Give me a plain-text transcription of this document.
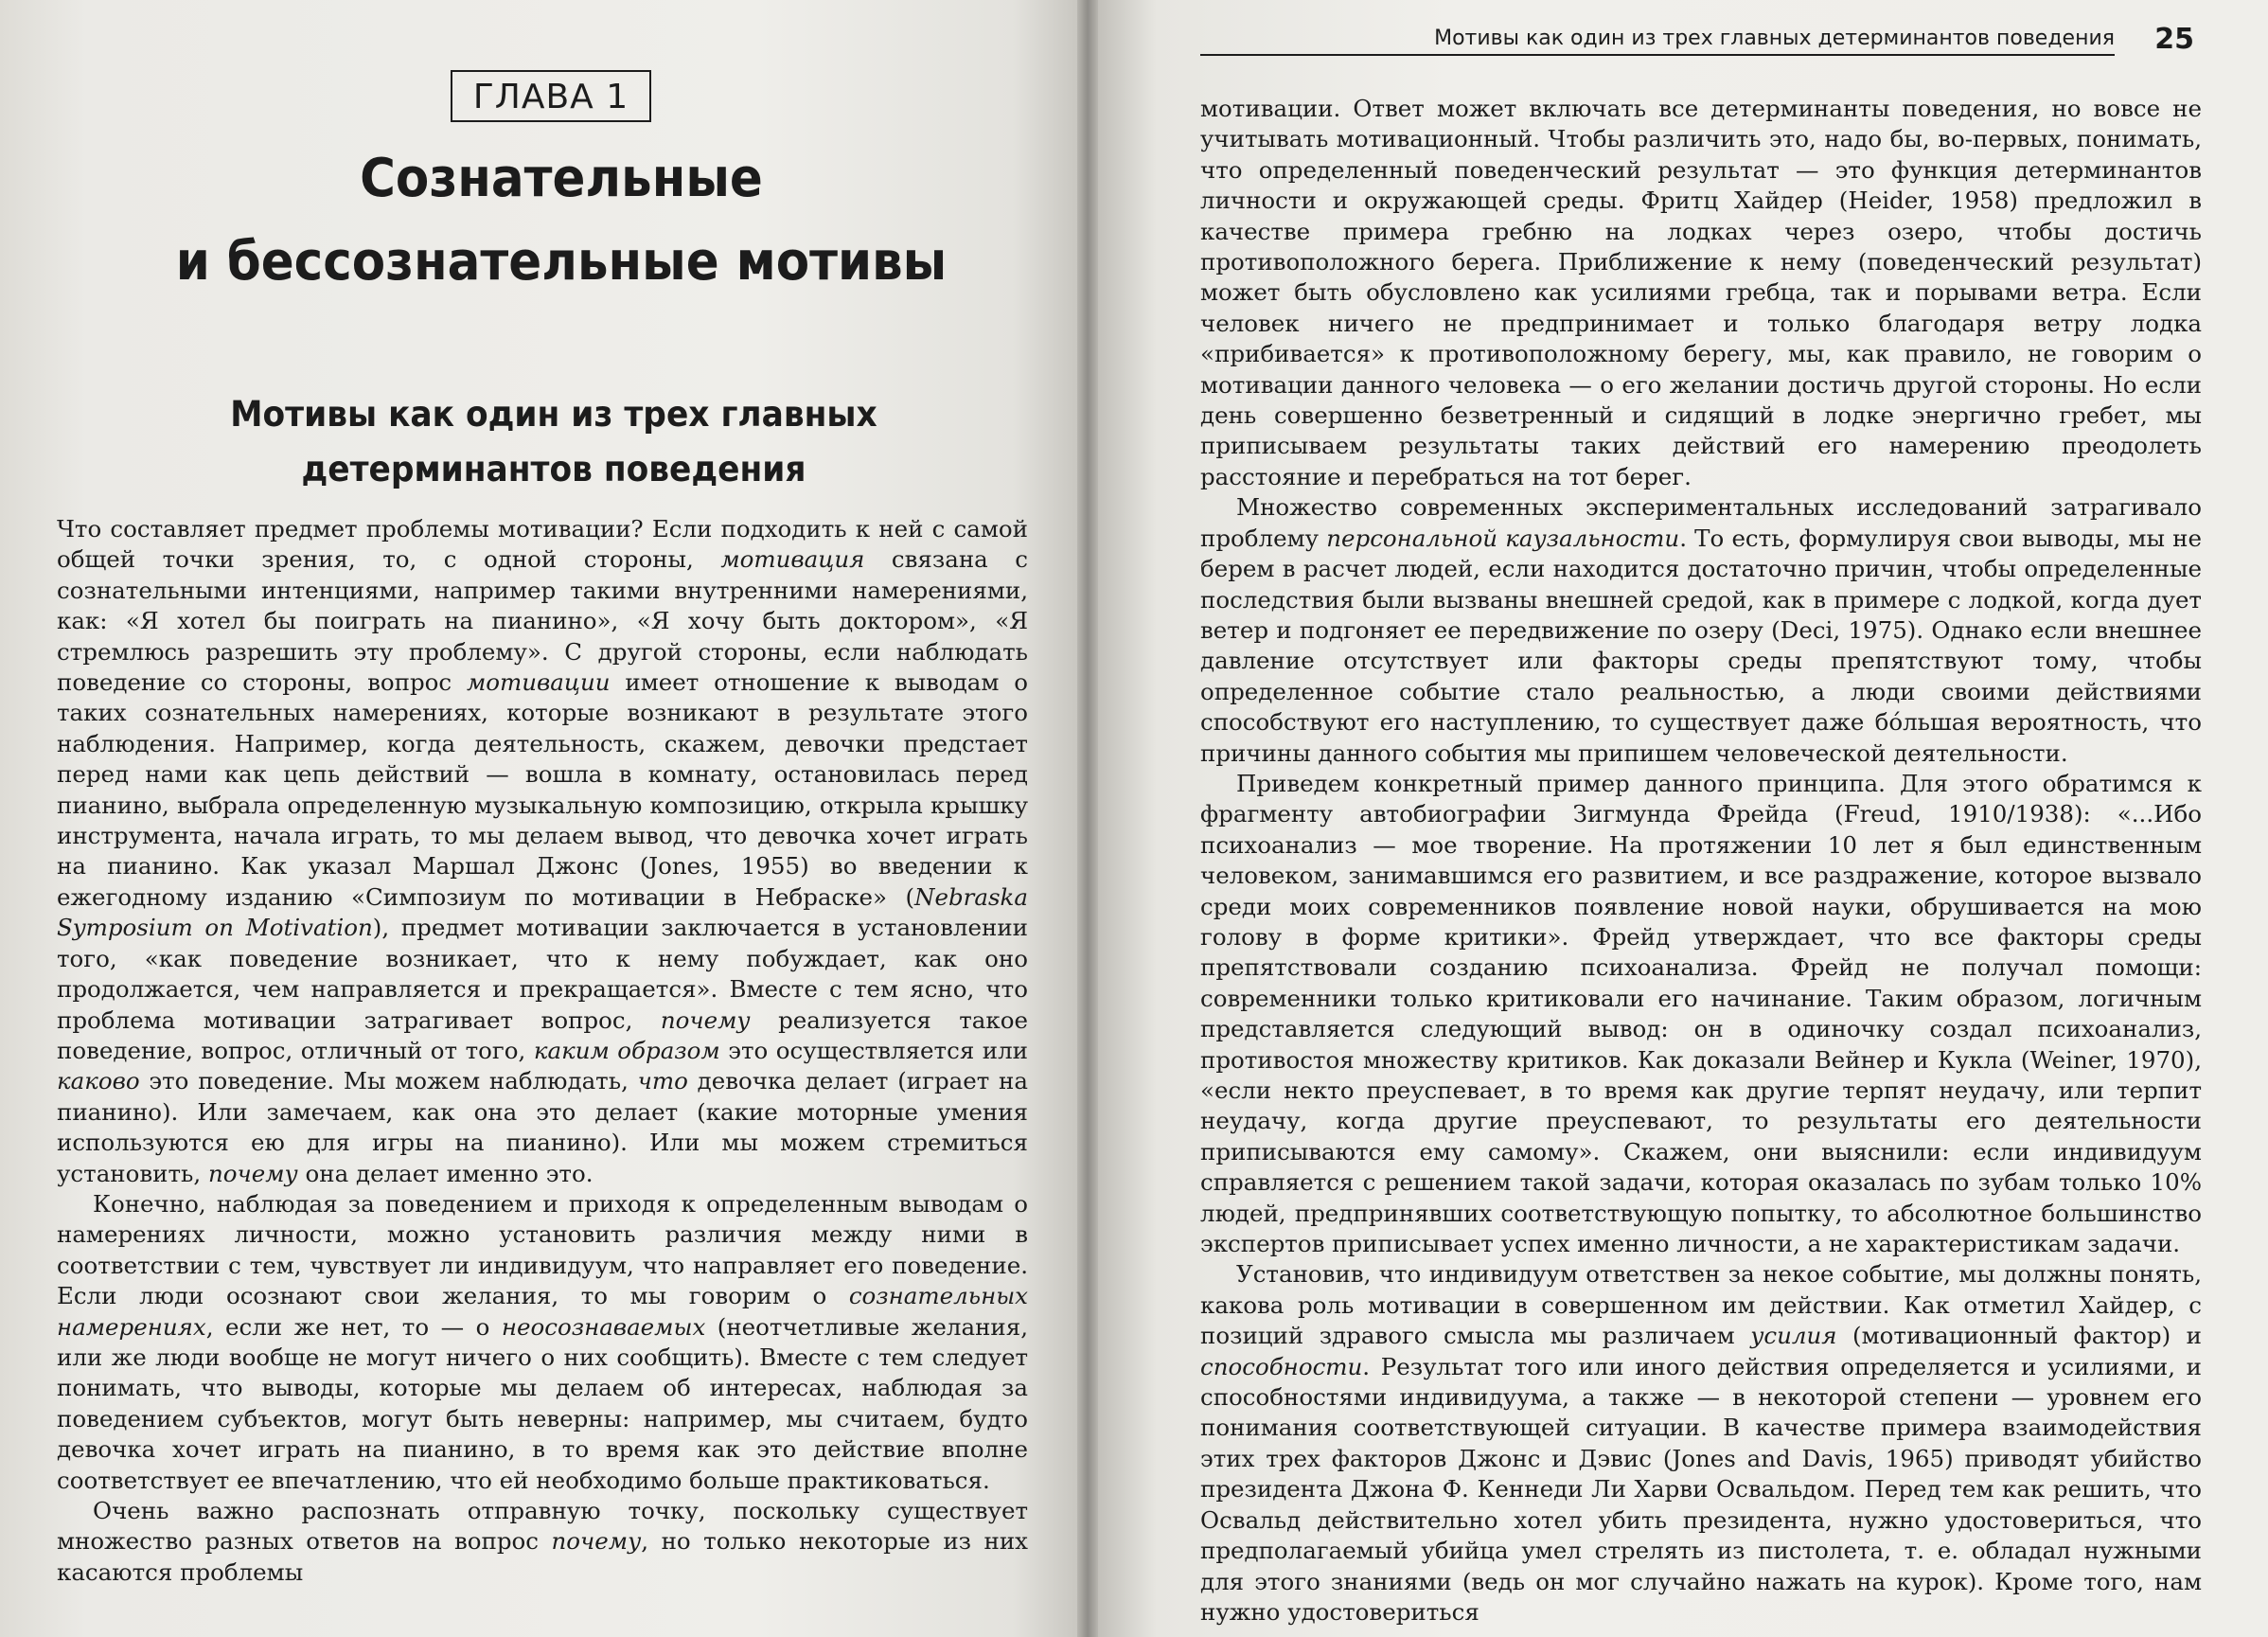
ГЛАВА 1
Сознательные
и бессознательные мотивы
Мотивы как один из трех главных
детерминантов поведения

Что составляет предмет проблемы мотивации? Если подходить к ней с самой общей точки зрения, то, с одной стороны, мотивация связана с сознательными интенциями, например такими внутренними намерениями, как: «Я хотел бы поиграть на пианино», «Я хочу быть доктором», «Я стремлюсь разрешить эту проблему». С другой стороны, если наблюдать поведение со стороны, вопрос мотивации имеет отношение к выводам о таких сознательных намерениях, которые возникают в результате этого наблюдения. Например, когда деятельность, скажем, девочки предстает перед нами как цепь действий — вошла в комнату, остановилась перед пианино, выбрала определенную музыкальную композицию, открыла крышку инструмента, начала играть, то мы делаем вывод, что девочка хочет играть на пианино. Как указал Маршал Джонс (Jones, 1955) во введении к ежегодному изданию «Симпозиум по мотивации в Небраске» (Nebraska Symposium on Motivation), предмет мотивации заключается в установлении того, «как поведение возникает, что к нему побуждает, как оно продолжается, чем направляется и прекращается». Вместе с тем ясно, что проблема мотивации затрагивает вопрос, почему реализуется такое поведение, вопрос, отличный от того, каким образом это осуществляется или каково это поведение. Мы можем наблюдать, что девочка делает (играет на пианино). Или замечаем, как она это делает (какие моторные умения используются ею для игры на пианино). Или мы можем стремиться установить, почему она делает именно это.

Конечно, наблюдая за поведением и приходя к определенным выводам о намерениях личности, можно установить различия между ними в соответствии с тем, чувствует ли индивидуум, что направляет его поведение. Если люди осознают свои желания, то мы говорим о сознательных намерениях, если же нет, то — о неосознаваемых (неотчетливые желания, или же люди вообще не могут ничего о них сообщить). Вместе с тем следует понимать, что выводы, которые мы делаем об интересах, наблюдая за поведением субъектов, могут быть неверны: например, мы считаем, будто девочка хочет играть на пианино, в то время как это действие вполне соответствует ее впечатлению, что ей необходимо больше практиковаться.

Очень важно распознать отправную точку, поскольку существует множество разных ответов на вопрос почему, но только некоторые из них касаются проблемы

Мотивы как один из трех главных детерминантов поведения 25

мотивации. Ответ может включать все детерминанты поведения, но вовсе не учитывать мотивационный. Чтобы различить это, надо бы, во-первых, понимать, что определенный поведенческий результат — это функция детерминантов личности и окружающей среды. Фритц Хайдер (Heider, 1958) предложил в качестве примера гребню на лодках через озеро, чтобы достичь противоположного берега. Приближение к нему (поведенческий результат) может быть обусловлено как усилиями гребца, так и порывами ветра. Если человек ничего не предпринимает и только благодаря ветру лодка «прибивается» к противоположному берегу, мы, как правило, не говорим о мотивации данного человека — о его желании достичь другой стороны. Но если день совершенно безветренный и сидящий в лодке энергично гребет, мы приписываем результаты таких действий его намерению преодолеть расстояние и перебраться на тот берег.

Множество современных экспериментальных исследований затрагивало проблему персональной каузальности. То есть, формулируя свои выводы, мы не берем в расчет людей, если находится достаточно причин, чтобы определенные последствия были вызваны внешней средой, как в примере с лодкой, когда дует ветер и подгоняет ее передвижение по озеру (Deci, 1975). Однако если внешнее давление отсутствует или факторы среды препятствуют тому, чтобы определенное событие стало реальностью, а люди своими действиями способствуют его наступлению, то существует даже бóльшая вероятность, что причины данного события мы припишем человеческой деятельности.

Приведем конкретный пример данного принципа. Для этого обратимся к фрагменту автобиографии Зигмунда Фрейда (Freud, 1910/1938): «...Ибо психоанализ — мое творение. На протяжении 10 лет я был единственным человеком, занимавшимся его развитием, и все раздражение, которое вызвало среди моих современников появление новой науки, обрушивается на мою голову в форме критики». Фрейд утверждает, что все факторы среды препятствовали созданию психоанализа. Фрейд не получал помощи: современники только критиковали его начинание. Таким образом, логичным представляется следующий вывод: он в одиночку создал психоанализ, противостоя множеству критиков. Как доказали Вейнер и Кукла (Weiner, 1970), «если некто преуспевает, в то время как другие терпят неудачу, или терпит неудачу, когда другие преуспевают, то результаты его деятельности приписываются ему самому». Скажем, они выяснили: если индивидуум справляется с решением такой задачи, которая оказалась по зубам только 10% людей, предпринявших соответствующую попытку, то абсолютное большинство экспертов приписывает успех именно личности, а не характеристикам задачи.

Установив, что индивидуум ответствен за некое событие, мы должны понять, какова роль мотивации в совершенном им действии. Как отметил Хайдер, с позиций здравого смысла мы различаем усилия (мотивационный фактор) и способности. Результат того или иного действия определяется и усилиями, и способностями индивидуума, а также — в некоторой степени — уровнем его понимания соответствующей ситуации. В качестве примера взаимодействия этих трех факторов Джонс и Дэвис (Jones and Davis, 1965) приводят убийство президента Джона Ф. Кеннеди Ли Харви Освальдом. Перед тем как решить, что Освальд действительно хотел убить президента, нужно удостовериться, что предполагаемый убийца умел стрелять из пистолета, т. е. обладал нужными для этого знаниями (ведь он мог случайно нажать на курок). Кроме того, нам нужно удостовериться
